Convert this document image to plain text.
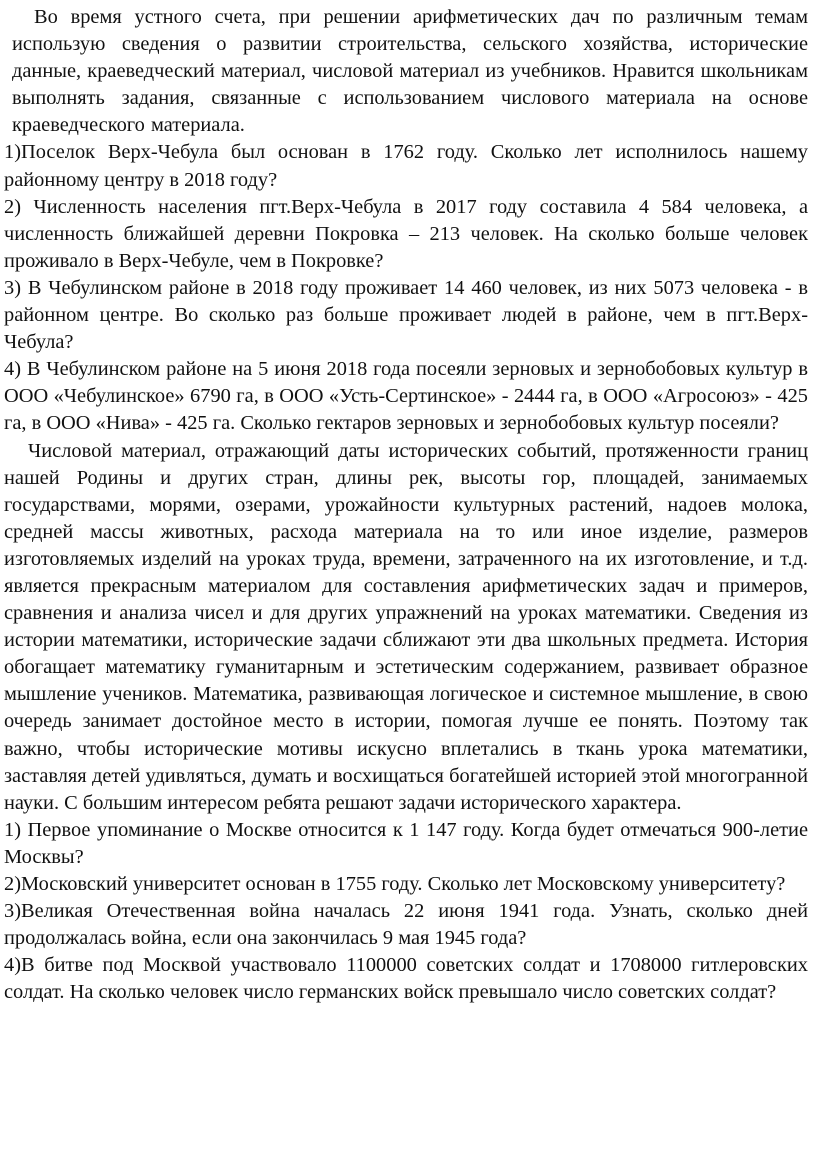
Во время устного счета, при решении арифметических дач по различным темам использую сведения о развитии строительства, сельского хозяйства, исторические данные, краеведческий материал, числовой материал из учебников. Нравится школьникам выполнять задания, связанные с использованием числового материала на основе краеведческого материала.

1)Поселок Верх-Чебула был основан в 1762 году. Сколько лет исполнилось нашему районному центру в 2018 году?

2) Численность населения пгт.Верх-Чебула в 2017 году составила 4 584 человека, а численность ближайшей деревни Покровка – 213 человек. На сколько больше человек проживало в Верх-Чебуле, чем в Покровке?

3) В Чебулинском районе в 2018 году проживает 14 460 человек, из них 5073 человека - в районном центре. Во сколько раз больше проживает людей в районе, чем в пгт.Верх-Чебула?

4) В Чебулинском районе на 5 июня 2018 года посеяли зерновых и зернобобовых культур в ООО «Чебулинское» 6790 га, в ООО «Усть-Сертинское» - 2444 га, в ООО «Агросоюз» - 425 га, в ООО «Нива» - 425 га. Сколько гектаров зерновых и зернобобовых культур посеяли?

Числовой материал, отражающий даты исторических событий, протяженности границ нашей Родины и других стран, длины рек, высоты гор, площадей, занимаемых государствами, морями, озерами, урожайности культурных растений, надоев молока, средней массы животных, расхода материала на то или иное изделие, размеров изготовляемых изделий на уроках труда, времени, затраченного на их изготовление, и т.д. является прекрасным материалом для составления арифметических задач и примеров, сравнения и анализа чисел и для других упражнений на уроках математики. Сведения из истории математики, исторические задачи сближают эти два школьных предмета. История обогащает математику гуманитарным и эстетическим содержанием, развивает образное мышление учеников. Математика, развивающая логическое и системное мышление, в свою очередь занимает достойное место в истории, помогая лучше ее понять. Поэтому так важно, чтобы исторические мотивы искусно вплетались в ткань урока математики, заставляя детей удивляться, думать и восхищаться богатейшей историей этой многогранной науки. С большим интересом ребята решают задачи исторического характера.

1) Первое упоминание о Москве относится к 1 147 году. Когда будет отмечаться 900-летие Москвы?

2)Московский университет основан в 1755 году. Сколько лет Московскому университету?

3)Великая Отечественная война началась 22 июня 1941 года. Узнать, сколько дней продолжалась война, если она закончилась 9 мая 1945 года?

4)В битве под Москвой участвовало 1100000 советских солдат и 1708000 гитлеровских солдат. На сколько человек число германских войск превышало число советских солдат?
